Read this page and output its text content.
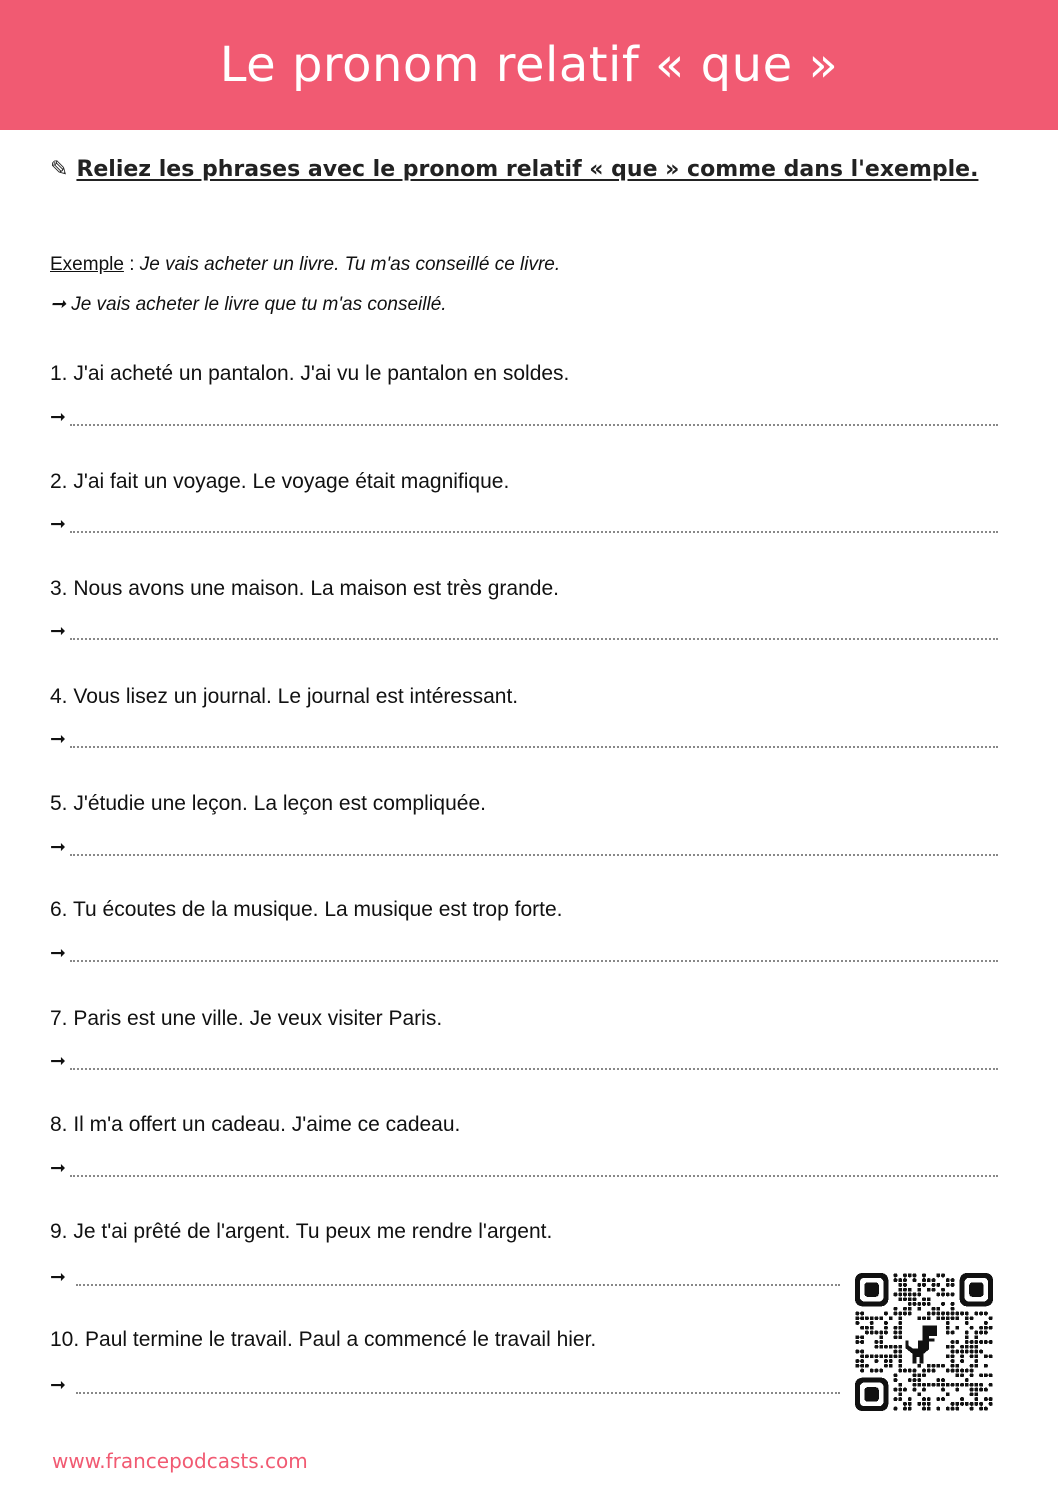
Le pronom relatif « que »
✎ Reliez les phrases avec le pronom relatif « que » comme dans l'exemple.
Exemple : Je vais acheter un livre. Tu m'as conseillé ce livre.
➞ Je vais acheter le livre que tu m'as conseillé.
1. J'ai acheté un pantalon. J'ai vu le pantalon en soldes.
➞
2. J'ai fait un voyage. Le voyage était magnifique.
➞
3. Nous avons une maison. La maison est très grande.
➞
4. Vous lisez un journal. Le journal est intéressant.
➞
5. J'étudie une leçon. La leçon est compliquée.
➞
6. Tu écoutes de la musique. La musique est trop forte.
➞
7. Paris est une ville. Je veux visiter Paris.
➞
8. Il m'a offert un cadeau. J'aime ce cadeau.
➞
9. Je t'ai prêté de l'argent. Tu peux me rendre l'argent.
➞
10. Paul termine le travail. Paul a commencé le travail hier.
➞
www.francepodcasts.com
